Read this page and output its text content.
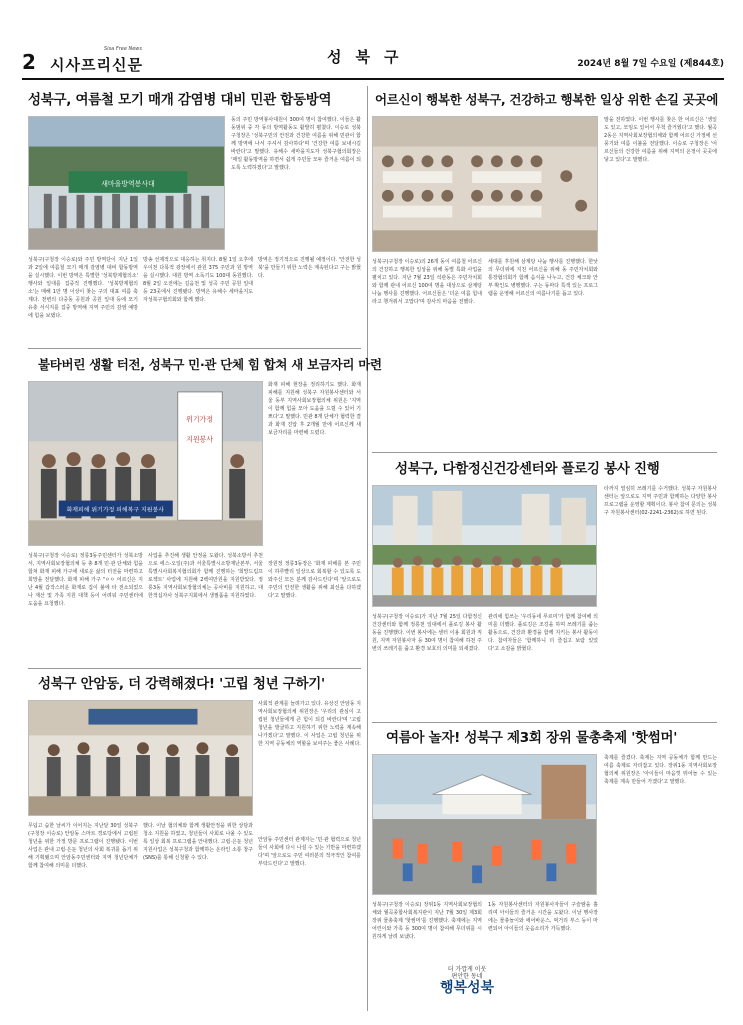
2 시사프리신문
Sisa Free News	성북구	2024년 8월 7일 수요일 (제844호)
성북구, 여름철 모기 매개 감염병 대비 민관 합동방역
새마을방역봉사대
동의 주민 방역봉사대원이 300여 명이 참여했다. 이들은 활동범위 중 각 동의 방역활동도 활발히 펼쳤다. 이승로 성북구청장은 '성북구민의 안전과 건강한 여름을 위해 민관이 함께 방역에 나서 주셔서 감사하다'며 '건강한 여름 보내시길 바란다'고 말했다. 유해수 새마을지도자 성북구협의회장은 '매일 활동방역을 하면서 쉽게 주민들 모두 즐거운 여름이 되도록 노력하겠다'고 말했다.
성북구(구청장 이승로)와 주민 방역단이 지난 1일과 2일에 여름철 모기 매개 감염병 대비 합동방역을 실시했다. 이번 방역은 특별한 '성북방제협의소' 행사와 일대를 집중적 진행했다. '성북방제협의소'는 매해 1만 명 이상이 찾는 구의 대표 여름 축제다. 천변의 다중동 공원과 공원 일대 등에 모기 유충 서식지를 집중 방역해 지역 주민의 감염 예방에 힘을 보탰다.
방송 선제적으로 대응하는 취지다. 8월 1일 오후에 우이천 다목적 광장에서 관원 375 주민과 원 방역을 실시했다. 대원 방역 소독기도 100대 동원했다. 8월 2일 오전에는 길음천 및 성곡 주민 공원 일대 등 23곳에서 진행됐다. 방역은 유해수 세마을지도자성북구협의회와 함께 했다.
방역은 정기적으로 진행될 예정이다. '안전한 성북'을 만들기 위한 노력은 계속된다고 구는 밝혔다.
불타버린 생활 터전, 성북구 민·관 단체 힘 합쳐 새 보금자리 마련
위기가정
지원봉사
화재피해 위기가정 피해복구 지원봉사
화재 피해 현장을 정리하기도 했다. 화재 피해를 지원해 성북구 자원봉사센터와 서울 동부 지역사회보장협의체 위원은 '지역이 함께 힘을 모아 도움을 드릴 수 있어 기쁘다'고 말했다. 민관 8개 단체가 협력한 결과 화재 진압 후 2개월 만에 어르신께 새 보금자리를 마련해 드렸다.
성북구(구청장 이승로) 정릉3동주민센터가 성북소방서, 지역사회보장협의체 등 총 8개 민·관 단체와 힘을 합쳐 화재 피해 가구에 새로운 삶의 터전을 마련하고 희망을 전달했다. 화재 피해 가구 "ㅇㅇ 어르신은 지난 4월 갑작스러운 화재로 집이 불에 타 전소되었으나 재산 및 가족 지원 대책 등이 어려워 주민센터에 도움을 요청했다.
사업을 추진해 생활 안정을 도왔다. 성북소방서 추천으로 에스-오일(주)과 서울특별시소방재난본부, 서울특별시사회복지협의회가 함께 진행하는 '희망드림프로젝트' 사업에 지원해 2백여만원을 지원받았다. 정릉3동 지역사회보장협의체는 공사비를 지원하고, 대한적십자사 성북구지회에서 생필품을 지원하였다.
장원정 정릉3동장은 '화재 피해를 본 주민이 하루빨리 일상으로 회복할 수 있도록 도와주신 모든 분께 감사드린다'며 '앞으로도 주민의 안전한 생활을 위해 최선을 다하겠다'고 말했다.
성북구 안암동, 더 강력해졌다! '고립 청년 구하기'
사회적 관계를 늘려가고 있다. 유상진 안암동 지역사회보장협의체 위원장은 '우리의 관심이 고립된 청년들에게 큰 힘이 되길 바란다'며 '고립 청년을 발굴하고 지원하기 위한 노력을 계속해 나가겠다'고 말했다. 이 사업은 고립 청년을 위한 지역 공동체의 역할을 보여주는 좋은 사례다.
무덥고 습한 날씨가 이어지는 지난달 30일 성북구(구청장 이승로) 안암동 스마트 경로당에서 고립된 청년을 위한 가정 방문 프로그램이 진행됐다. 이번 사업은 관내 고립·은둔 청년의 사회 복귀를 돕기 위해 기획됐으며 안암동주민센터와 지역 청년단체가 함께 참여해 의미를 더했다.
했다. 이날 협의체와 함께 생활안정을 위한 상담과 청소 지원을 하였고, 청년들이 사회로 나올 수 있도록 일상 회복 프로그램을 안내했다. 고립·은둔 청년 지원사업은 성북구청과 함께하는 온라인 소통 창구(SNS)를 통해 신청할 수 있다.
안암동 주민센터 관계자는 '민·관 협력으로 청년들이 사회에 다시 나설 수 있는 기반을 마련하겠다'며 '앞으로도 주민 여러분의 적극적인 참여를 부탁드린다'고 말했다.
어르신이 행복한 성북구, 건강하고 행복한 일상 위한 손길 곳곳에
말을 전하였다. 이번 행사를 찾은 한 어르신은 '생일도 있고, 모임도 있어서 무척 즐거웠다'고 했다. 월곡2동은 지역사회보장협의체와 함께 어르신 가정에 선풍기와 여름 이불을 전달했다. 이승로 구청장은 '어르신들의 건강한 여름을 위해 지역의 온정이 곳곳에 닿고 있다'고 말했다.
성북구(구청장 이승로)의 26개 동이 여름철 어르신의 건강하고 행복한 일상을 위해 동별 특화 사업을 펼치고 있다. 지난 7월 23일 석관동은 주민자치회와 함께 관내 어르신 100여 명을 대상으로 삼계탕 나눔 행사를 진행했다. 어르신들은 '더운 여름 힘내라고 챙겨줘서 고맙다'며 감사의 마음을 전했다.
세대를 후원해 삼계탕 나눔 행사를 진행했다. 한낮의 무더위에 지친 어르신을 위해 동 주민자치회와 통장협의회가 함께 음식을 나누고, 건강 체크와 안부 확인도 병행했다. 구는 동마다 특색 있는 프로그램을 운영해 어르신의 여름나기를 돕고 있다.
성북구, 다함정신건강센터와 플로깅 봉사 진행
타까지 열심히 쓰레기를 수거했다. 성북구 자원봉사센터는 앞으로도 지역 주민과 함께하는 다양한 봉사 프로그램을 운영할 계획이다. 봉사 참여 문의는 성북구 자원봉사센터(02-2241-2362)로 하면 된다.
성북구(구청장 이승로)가 지난 7월 25일 다함정신건강센터와 함께 정릉천 일대에서 플로깅 봉사 활동을 진행했다. 이번 봉사에는 센터 이용 회원과 직원, 지역 자원봉사자 등 30여 명이 참여해 하천 주변의 쓰레기를 줍고 환경 보호의 의미를 되새겼다.
관리에 힘쓰는 '우리동네 푸르미'가 함께 참여해 의미를 더했다. 플로깅은 조깅을 하며 쓰레기를 줍는 활동으로, 건강과 환경을 함께 지키는 봉사 활동이다. 참여자들은 '함께하니 더 즐겁고 보람 있었다'고 소감을 밝혔다.
여름아 놀자! 성북구 제3회 장위 물총축제 '핫썸머'
축제를 즐겼다. 축제는 지역 공동체가 함께 만드는 여름 축제로 자리잡고 있다. 장위1동 지역사회보장협의체 위원장은 '아이들이 마음껏 뛰어놀 수 있는 축제를 계속 만들어 가겠다'고 말했다.
성북구(구청장 이승로) 장위1동 지역사회보장협의체와 월곡종합사회복지관이 지난 7월 30일 제3회 장위 물총축제 '핫썸머'를 진행했다. 축제에는 지역 어린이와 가족 등 300여 명이 참여해 무더위를 시원하게 날려 보냈다.
1동 자원봉사센터의 자원봉사자들이 구슬땀을 흘리며 아이들의 즐거운 시간을 도왔다. 이날 행사장에는 물총놀이와 에어바운스, 먹거리 부스 등이 마련되어 아이들의 웃음소리가 가득했다.
더 가깝게 이웃
편안한 동네
행복성북
